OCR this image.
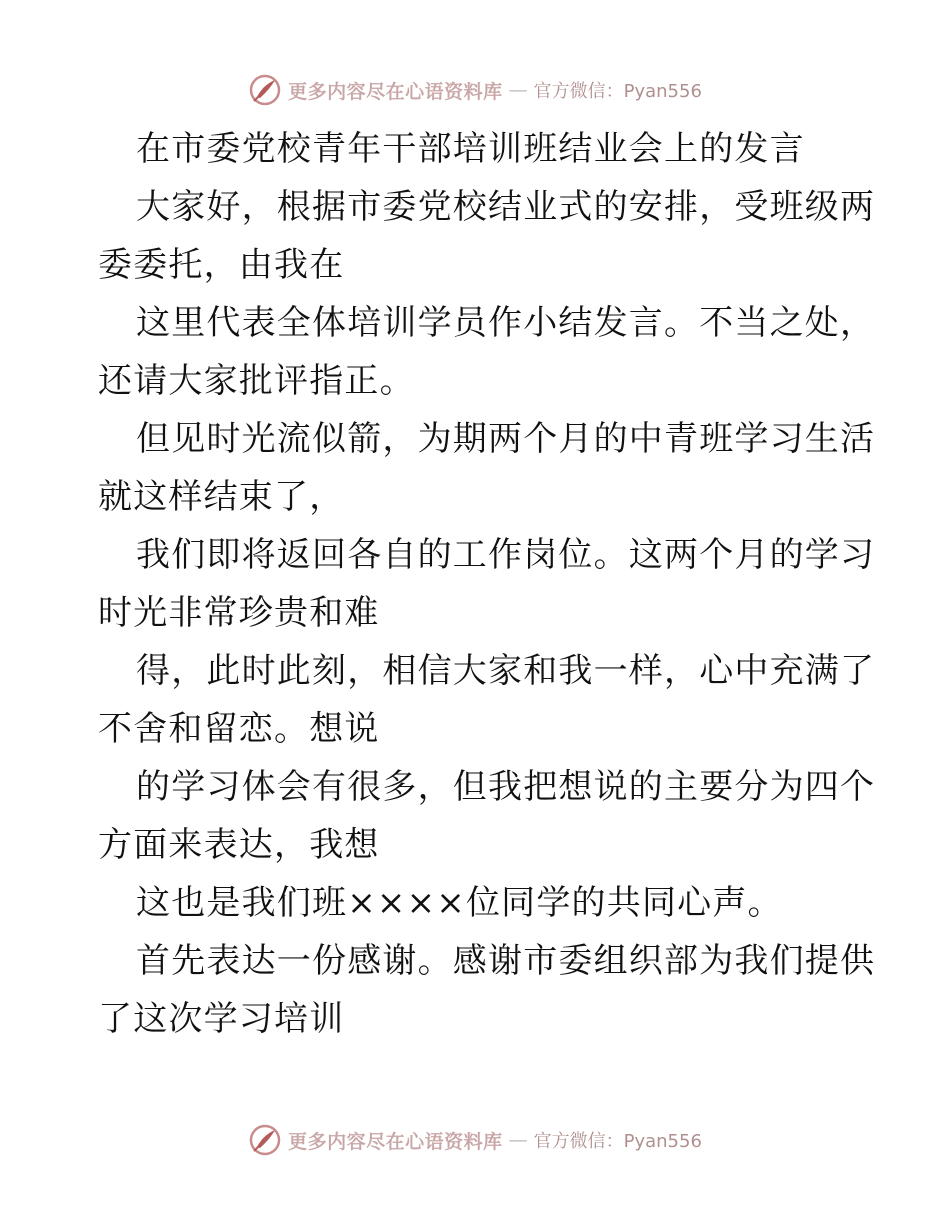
更多内容尽在心语资料库 — 官方微信：Pyan556
在市委党校青年干部培训班结业会上的发言
大家好，根据市委党校结业式的安排，受班级两
委委托，由我在
这里代表全体培训学员作小结发言。不当之处，
还请大家批评指正。
但见时光流似箭，为期两个月的中青班学习生活
就这样结束了，
我们即将返回各自的工作岗位。这两个月的学习
时光非常珍贵和难
得，此时此刻，相信大家和我一样，心中充满了
不舍和留恋。想说
的学习体会有很多，但我把想说的主要分为四个
方面来表达，我想
这也是我们班××××位同学的共同心声。
首先表达一份感谢。感谢市委组织部为我们提供
了这次学习培训
更多内容尽在心语资料库 — 官方微信：Pyan556
